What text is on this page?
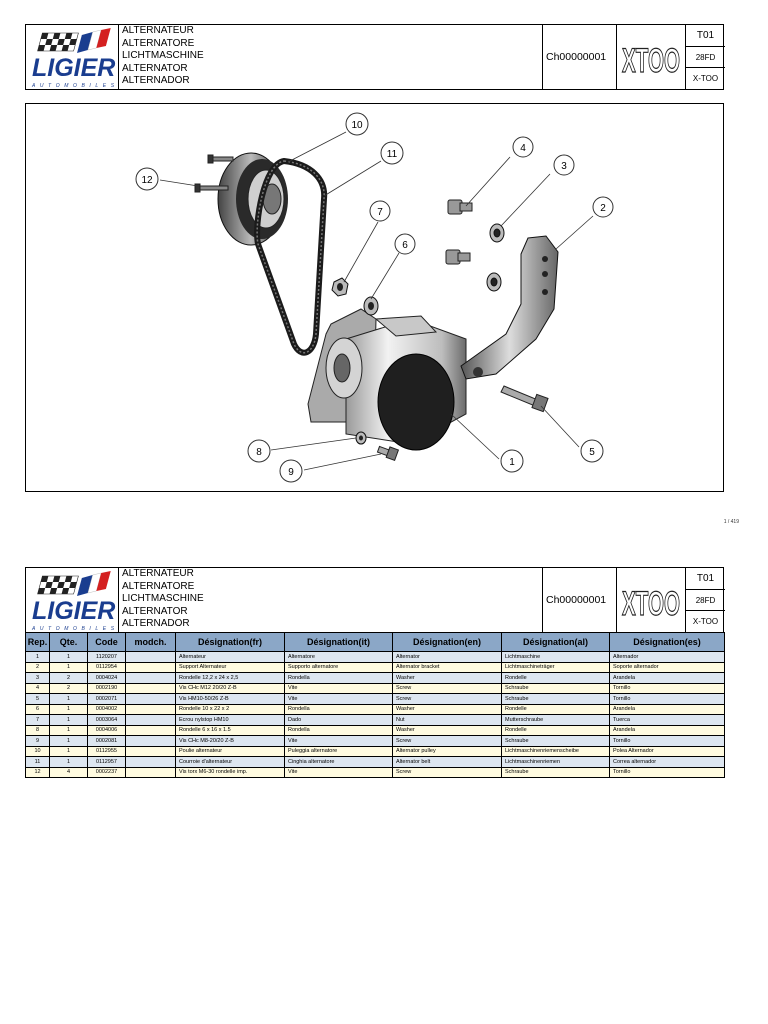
LIGIER
AUTOMOBILES
ALTERNATEUR
ALTERNATORE
LICHTMASCHINE
ALTERNATOR
ALTERNADOR
Ch00000001 XTOO
T01
28FD
X-TOO
10
11
12
7
6
4
3
2
5
1
8
9
1 / 419
LIGIER
AUTOMOBILES
ALTERNATEUR
ALTERNATORE
LICHTMASCHINE
ALTERNATOR
ALTERNADOR
Ch00000001 XTOO
T01
28FD
X-TOO
Rep.	Qte.	Code	modch.	Désignation(fr)	Désignation(it)	Désignation(en)	Désignation(al)	Désignation(es)
1	1	1120207		Alternateur	Alternatore	Alternator	Lichtmaschine	Alternador
2	1	0112954		Support Alternateur	Supporto alternatore	Alternator bracket	Lichtmaschineträger	Soporte alternador
3	2	0004024		Rondelle 12,2 x 24 x 2,5	Rondella	Washer	Rondelle	Arandela
4	2	0002190		Vis CHc M12 20/20 Z-B	Vite	Screw	Schraube	Tornillo
5	1	0002071		Vis HM10-50/26 Z-B	Vite	Screw	Schraube	Tornillo
6	1	0004002		Rondelle 10 x 22 x 2	Rondella	Washer	Rondelle	Arandela
7	1	0003064		Ecrou nylstop HM10	Dado	Nut	Mutterschraube	Tuerca
8	1	0004006		Rondelle 6 x 16 x 1.5	Rondella	Washer	Rondelle	Arandela
9	1	0002081		Vis CHc M8-20/20 Z-B	Vite	Screw	Schraube	Tornillo
10	1	0112955		Poulie alternateur	Puleggia alternatore	Alternator pulley	Lichtmaschinenriemenscheibe	Polea Alternador
11	1	0112957		Courroie d'alternateur	Cinghia alternatore	Alternator belt	Lichtmaschinenriemen	Correa alternador
12	4	0002237		Vis torx M6-30 rondelle imp.	Vite	Screw	Schraube	Tornillo
